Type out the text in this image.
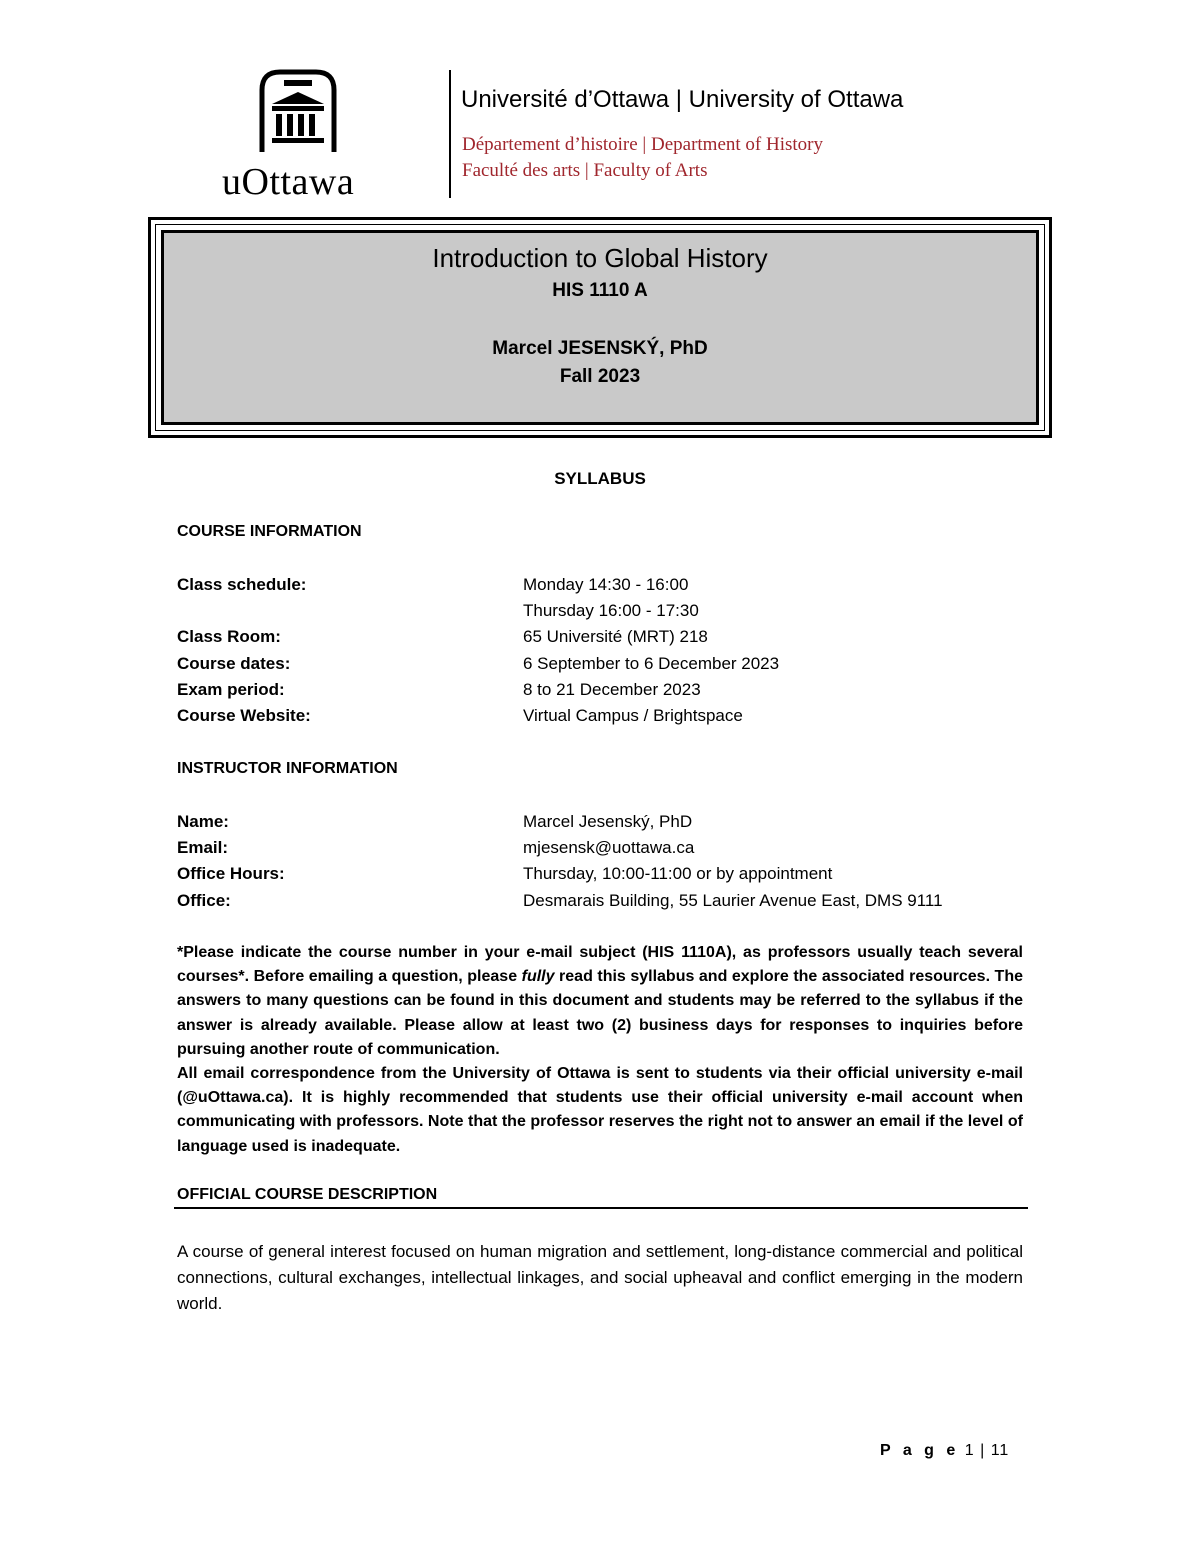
uOttawa
Université d’Ottawa | University of Ottawa
Département d’histoire | Department of History
Faculté des arts | Faculty of Arts
Introduction to Global History
HIS 1110 A
Marcel JESENSKÝ, PhD
Fall 2023
SYLLABUS
COURSE INFORMATION
Class schedule:	Monday 14:30 - 16:00
Thursday 16:00 - 17:30
Class Room:	65 Université (MRT) 218
Course dates:	6 September to 6 December 2023
Exam period:	8 to 21 December 2023
Course Website:	Virtual Campus / Brightspace
INSTRUCTOR INFORMATION
Name:	Marcel Jesenský, PhD
Email:	mjesensk@uottawa.ca
Office Hours:	Thursday, 10:00-11:00 or by appointment
Office:	Desmarais Building, 55 Laurier Avenue East, DMS 9111

*Please indicate the course number in your e-mail subject (HIS 1110A), as professors usually teach several courses*. Before emailing a question, please fully read this syllabus and explore the associated resources. The answers to many questions can be found in this document and students may be referred to the syllabus if the answer is already available. Please allow at least two (2) business days for responses to inquiries before pursuing another route of communication.

All email correspondence from the University of Ottawa is sent to students via their official university e-mail (@uOttawa.ca). It is highly recommended that students use their official university e-mail account when communicating with professors. Note that the professor reserves the right not to answer an email if the level of language used is inadequate.

OFFICIAL COURSE DESCRIPTION
A course of general interest focused on human migration and settlement, long-distance commercial and political connections, cultural exchanges, intellectual linkages, and social upheaval and conflict emerging in the modern world.
P a g e 1 | 11
